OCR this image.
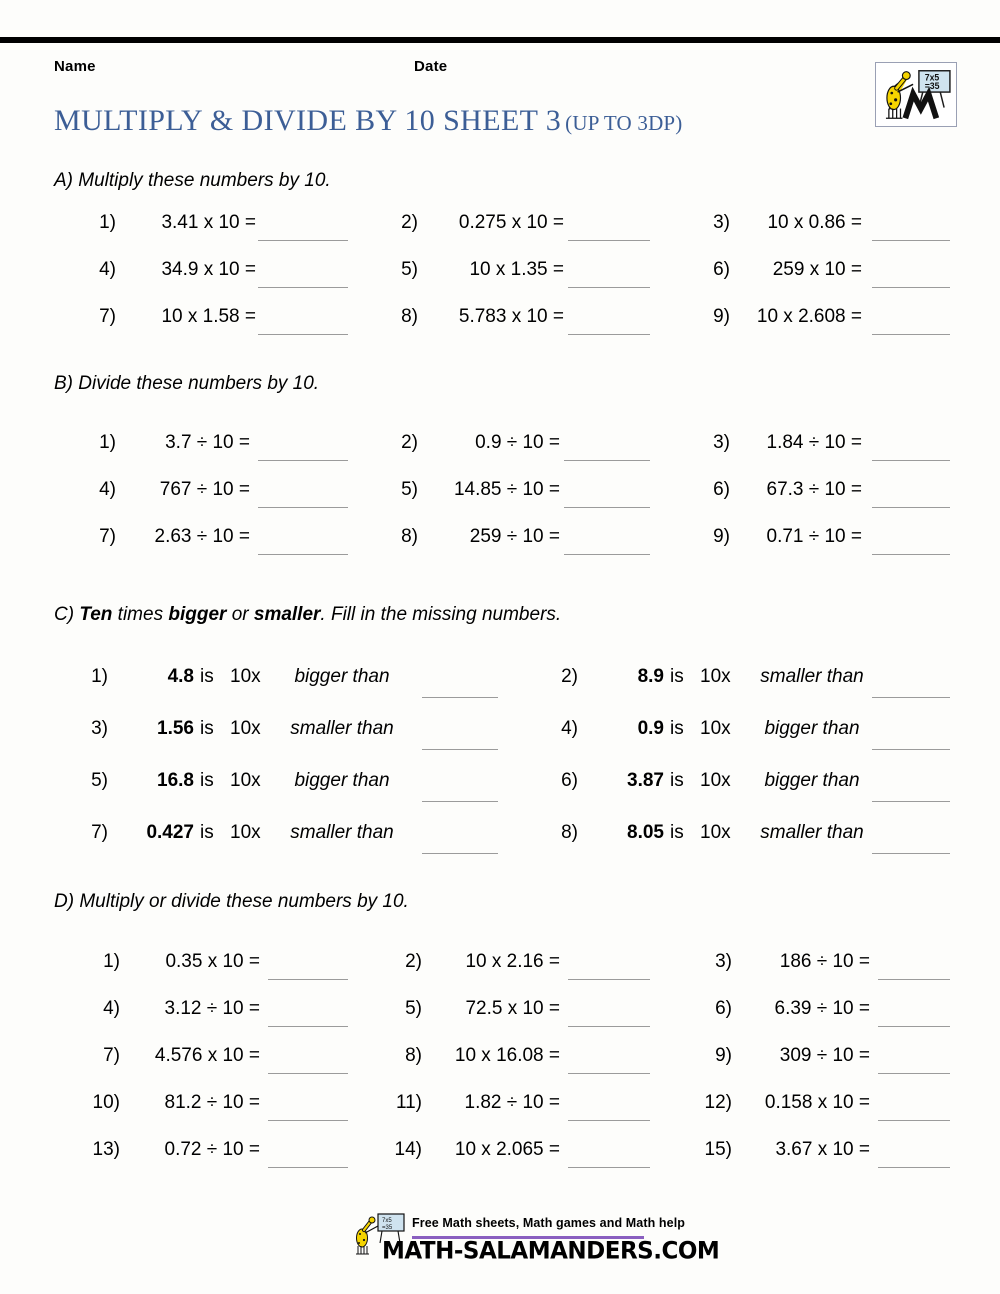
Name	Date
7x5
=35
MULTIPLY & DIVIDE BY 10 SHEET 3 (UP TO 3DP)
A) Multiply these numbers by 10.
1)	3.41 x 10 =	2)	0.275 x 10 =	3)	10 x 0.86 =
4)	34.9 x 10 =	5)	10 x 1.35 =	6)	259 x 10 =
7)	10 x 1.58 =	8)	5.783 x 10 =	9)	10 x 2.608 =
B) Divide these numbers by 10.
1)	3.7 ÷ 10 =	2)	0.9 ÷ 10 =	3)	1.84 ÷ 10 =
4)	767 ÷ 10 =	5)	14.85 ÷ 10 =	6)	67.3 ÷ 10 =
7)	2.63 ÷ 10 =	8)	259 ÷ 10 =	9)	0.71 ÷ 10 =
C) Ten times bigger or smaller. Fill in the missing numbers.
1)	4.8 is 10x	bigger than	2)	8.9 is 10x	smaller than
3)	1.56 is 10x	smaller than	4)	0.9 is 10x	bigger than
5)	16.8 is 10x	bigger than	6)	3.87 is 10x	bigger than
7)	0.427 is 10x	smaller than	8)	8.05 is 10x	smaller than
D) Multiply or divide these numbers by 10.
1)	0.35 x 10 =	2)	10 x 2.16 =	3)	186 ÷ 10 =
4)	3.12 ÷ 10 =	5)	72.5 x 10 =	6)	6.39 ÷ 10 =
7)	4.576 x 10 =	8)	10 x 16.08 =	9)	309 ÷ 10 =
10)	81.2 ÷ 10 =	11)	1.82 ÷ 10 =	12)	0.158 x 10 =
13)	0.72 ÷ 10 =	14)	10 x 2.065 =	15)	3.67 x 10 =
7x5
=35 Free Math sheets, Math games and Math help
MATH-SALAMANDERS.COM
